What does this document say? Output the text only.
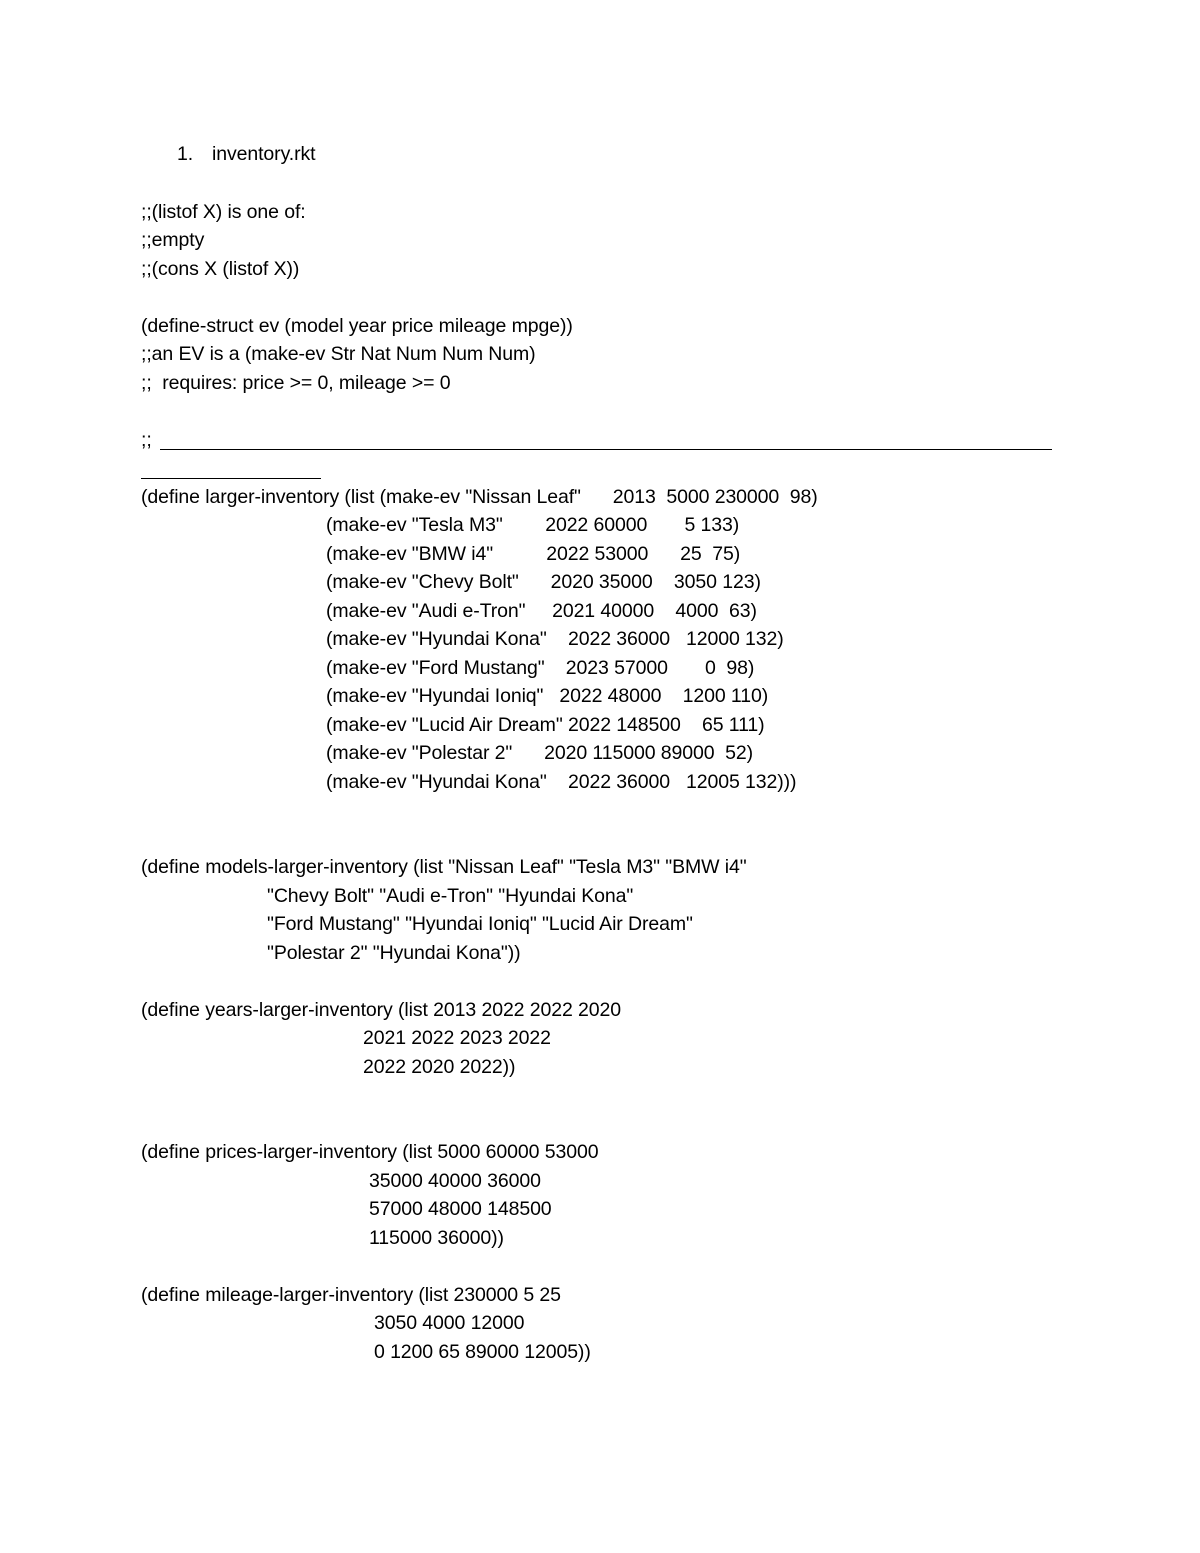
1. inventory.rkt
;;(listof X) is one of:
;;empty
;;(cons X (listof X))
(define-struct ev (model year price mileage mpge))
;;an EV is a (make-ev Str Nat Num Num Num)
;;  requires: price >= 0, mileage >= 0
;;
(define larger-inventory (list (make-ev "Nissan Leaf"      2013  5000 230000  98)
(make-ev "Tesla M3"        2022 60000       5 133)
(make-ev "BMW i4"          2022 53000      25  75)
(make-ev "Chevy Bolt"      2020 35000    3050 123)
(make-ev "Audi e-Tron"     2021 40000    4000  63)
(make-ev "Hyundai Kona"    2022 36000   12000 132)
(make-ev "Ford Mustang"    2023 57000       0  98)
(make-ev "Hyundai Ioniq"   2022 48000    1200 110)
(make-ev "Lucid Air Dream" 2022 148500    65 111)
(make-ev "Polestar 2"      2020 115000 89000  52)
(make-ev "Hyundai Kona"    2022 36000   12005 132)))
(define models-larger-inventory (list "Nissan Leaf" "Tesla M3" "BMW i4"
"Chevy Bolt" "Audi e-Tron" "Hyundai Kona"
"Ford Mustang" "Hyundai Ioniq" "Lucid Air Dream"
"Polestar 2" "Hyundai Kona"))
(define years-larger-inventory (list 2013 2022 2022 2020
2021 2022 2023 2022
2022 2020 2022))
(define prices-larger-inventory (list 5000 60000 53000
35000 40000 36000
57000 48000 148500
115000 36000))
(define mileage-larger-inventory (list 230000 5 25
3050 4000 12000
0 1200 65 89000 12005))
